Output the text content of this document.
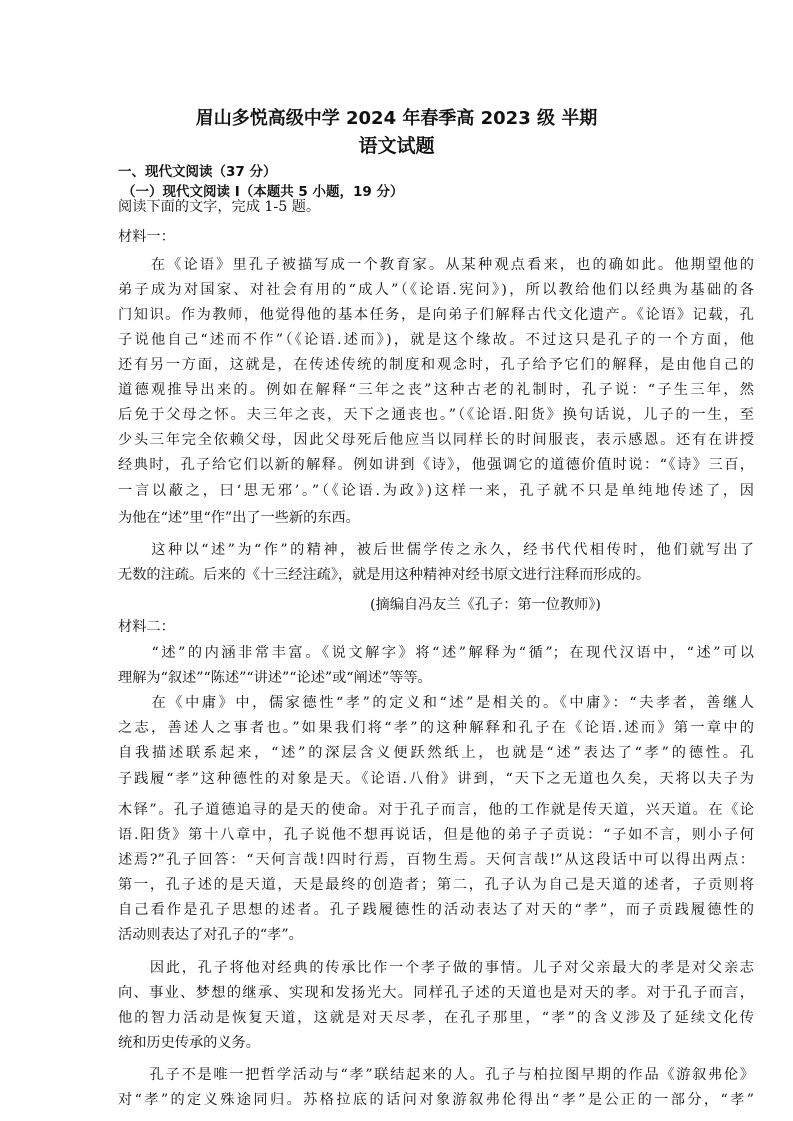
眉山多悦高级中学 2024 年春季高 2023 级 半期
语文试题
一、现代文阅读（37 分）
（一）现代文阅读 I（本题共 5 小题，19 分）
阅读下面的文字，完成 1-5 题。
材料一：
　　在《论语》里孔子被描写成一个教育家。从某种观点看来，也的确如此。他期望他的
弟子成为对国家、对社会有用的“成人”（《论语.宪问》)，所以教给他们以经典为基础的各
门知识。作为教师，他觉得他的基本任务，是向弟子们解释古代文化遗产。《论语》记载，孔
子说他自己“述而不作”（《论语.述而》)，就是这个缘故。不过这只是孔子的一个方面，他
还有另一方面，这就是，在传述传统的制度和观念时，孔子给予它们的解释，是由他自己的
道德观推导出来的。例如在解释“三年之丧”这种古老的礼制时，孔子说：“子生三年，然
后免于父母之怀。夫三年之丧，天下之通丧也。”（《论语.阳货》换句话说，儿子的一生，至
少头三年完全依赖父母，因此父母死后他应当以同样长的时间服丧，表示感恩。还有在讲授
经典时，孔子给它们以新的解释。例如讲到《诗》，他强调它的道德价值时说：“《诗》三百，
一言以蔽之，曰‘思无邪’。”（《论语.为政》)这样一来，孔子就不只是单纯地传述了，因
为他在“述”里“作”出了一些新的东西。
　　这种以“述”为“作”的精神，被后世儒学传之永久，经书代代相传时，他们就写出了
无数的注疏。后来的《十三经注疏》，就是用这种精神对经书原文进行注释而形成的。
(摘编自冯友兰《孔子：第一位教师》)
材料二：
　　“述”的内涵非常丰富。《说文解字》将“述”解释为“循”；在现代汉语中，“述”可以
理解为“叙述”“陈述”“讲述”“论述”或“阐述”等等。
　　在《中庸》中，儒家德性“孝”的定义和“述”是相关的。《中庸》：“夫孝者，善继人
之志，善述人之事者也。”如果我们将“孝”的这种解释和孔子在《论语.述而》第一章中的
自我描述联系起来，“述”的深层含义便跃然纸上，也就是“述”表达了“孝”的德性。孔
子践履“孝”这种德性的对象是天。《论语.八佾》讲到，“天下之无道也久矣，天将以夫子为
木铎”。孔子道德追寻的是天的使命。对于孔子而言，他的工作就是传天道，兴天道。在《论
语.阳货》第十八章中，孔子说他不想再说话，但是他的弟子子贡说：“子如不言，则小子何
述焉?”孔子回答：“天何言哉!四时行焉，百物生焉。天何言哉!”从这段话中可以得出两点：
第一，孔子述的是天道，天是最终的创造者；第二，孔子认为自己是天道的述者，子贡则将
自己看作是孔子思想的述者。孔子践履德性的活动表达了对天的“孝”，而子贡践履德性的
活动则表达了对孔子的“孝”。
　　因此，孔子将他对经典的传承比作一个孝子做的事情。儿子对父亲最大的孝是对父亲志
向、事业、梦想的继承、实现和发扬光大。同样孔子述的天道也是对天的孝。对于孔子而言，
他的智力活动是恢复天道，这就是对天尽孝，在孔子那里，“孝”的含义涉及了延续文化传
统和历史传承的义务。
　　孔子不是唯一把哲学活动与“孝”联结起来的人。孔子与柏拉图早期的作品《游叙弗伦》
对“孝”的定义殊途同归。苏格拉底的话问对象游叙弗伦得出“孝”是公正的一部分，“孝”
